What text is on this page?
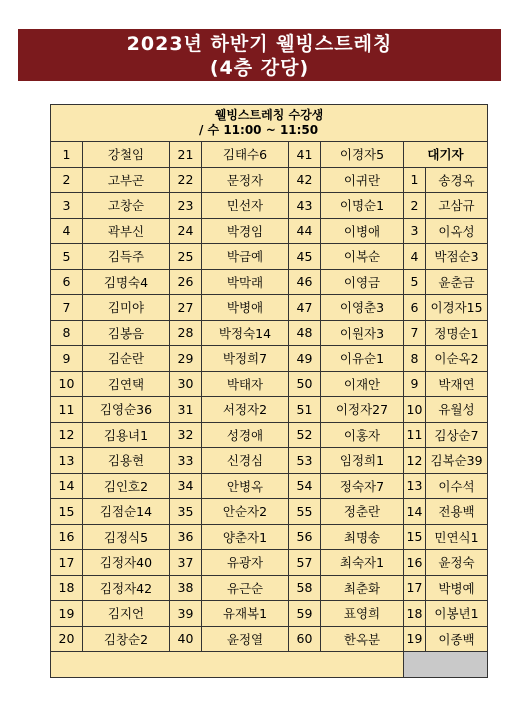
2023년 하반기 웰빙스트레칭
(4층 강당)
웰빙스트레칭 수강생
/ 수 11:00 ~ 11:50							

1	강철임	21	김태수6	41	이경자5	대기자	
2	고부곤	22	문정자	42	이귀란	1	송경옥
3	고창순	23	민선자	43	이명순1	2	고삼규
4	곽부신	24	박경임	44	이병애	3	이옥성
5	김득주	25	박금예	45	이복순	4	박점순3
6	김명숙4	26	박막래	46	이영금	5	윤춘금
7	김미야	27	박병애	47	이영춘3	6	이경자15
8	김봉음	28	박정숙14	48	이원자3	7	정명순1
9	김순란	29	박정희7	49	이유순1	8	이순옥2
10	김연택	30	박태자	50	이재안	9	박재연
11	김영순36	31	서정자2	51	이정자27	10	유월성
12	김용녀1	32	성경애	52	이홍자	11	김상순7
13	김용현	33	신경심	53	임정희1	12	김복순39
14	김인호2	34	안병옥	54	정숙자7	13	이수석
15	김점순14	35	안순자2	55	정춘란	14	전용백
16	김정식5	36	양춘자1	56	최명송	15	민연식1
17	김정자40	37	유광자	57	최숙자1	16	윤정숙
18	김정자42	38	유근순	58	최춘화	17	박병예
19	김지언	39	유재복1	59	표영희	18	이봉년1
20	김창순2	40	윤정열	60	한옥분	19	이종백
